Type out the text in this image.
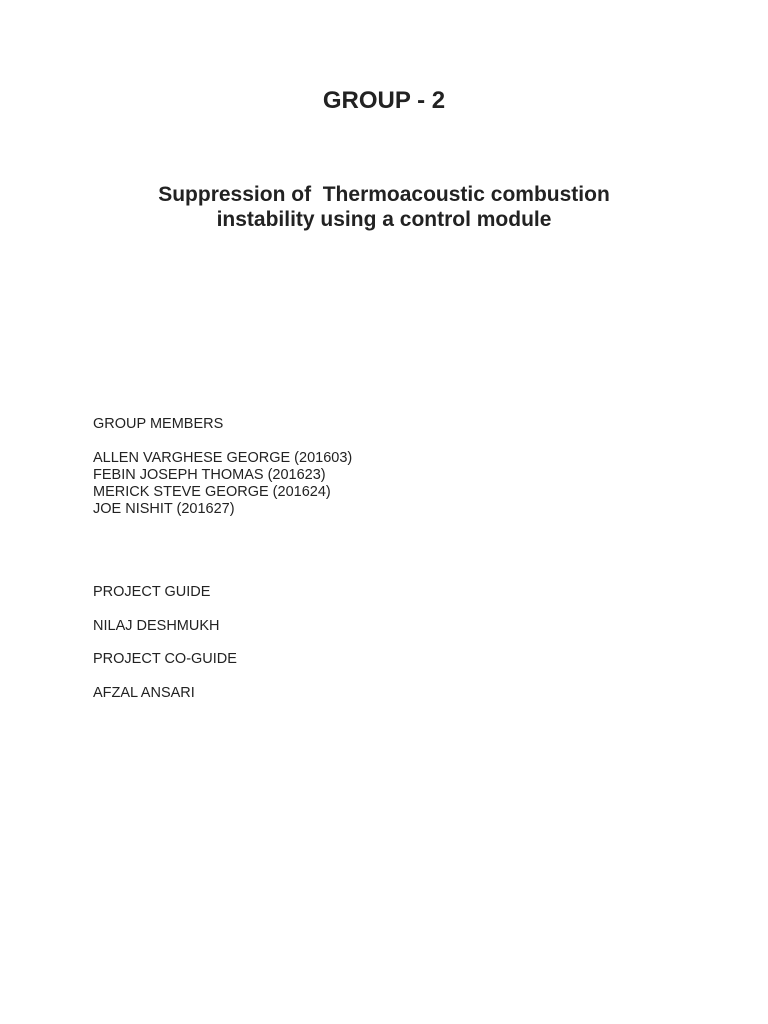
GROUP - 2
Suppression of  Thermoacoustic combustion
instability using a control module
GROUP MEMBERS
ALLEN VARGHESE GEORGE (201603)
FEBIN JOSEPH THOMAS (201623)
MERICK STEVE GEORGE (201624)
JOE NISHIT (201627)
PROJECT GUIDE
NILAJ DESHMUKH
PROJECT CO-GUIDE
AFZAL ANSARI
